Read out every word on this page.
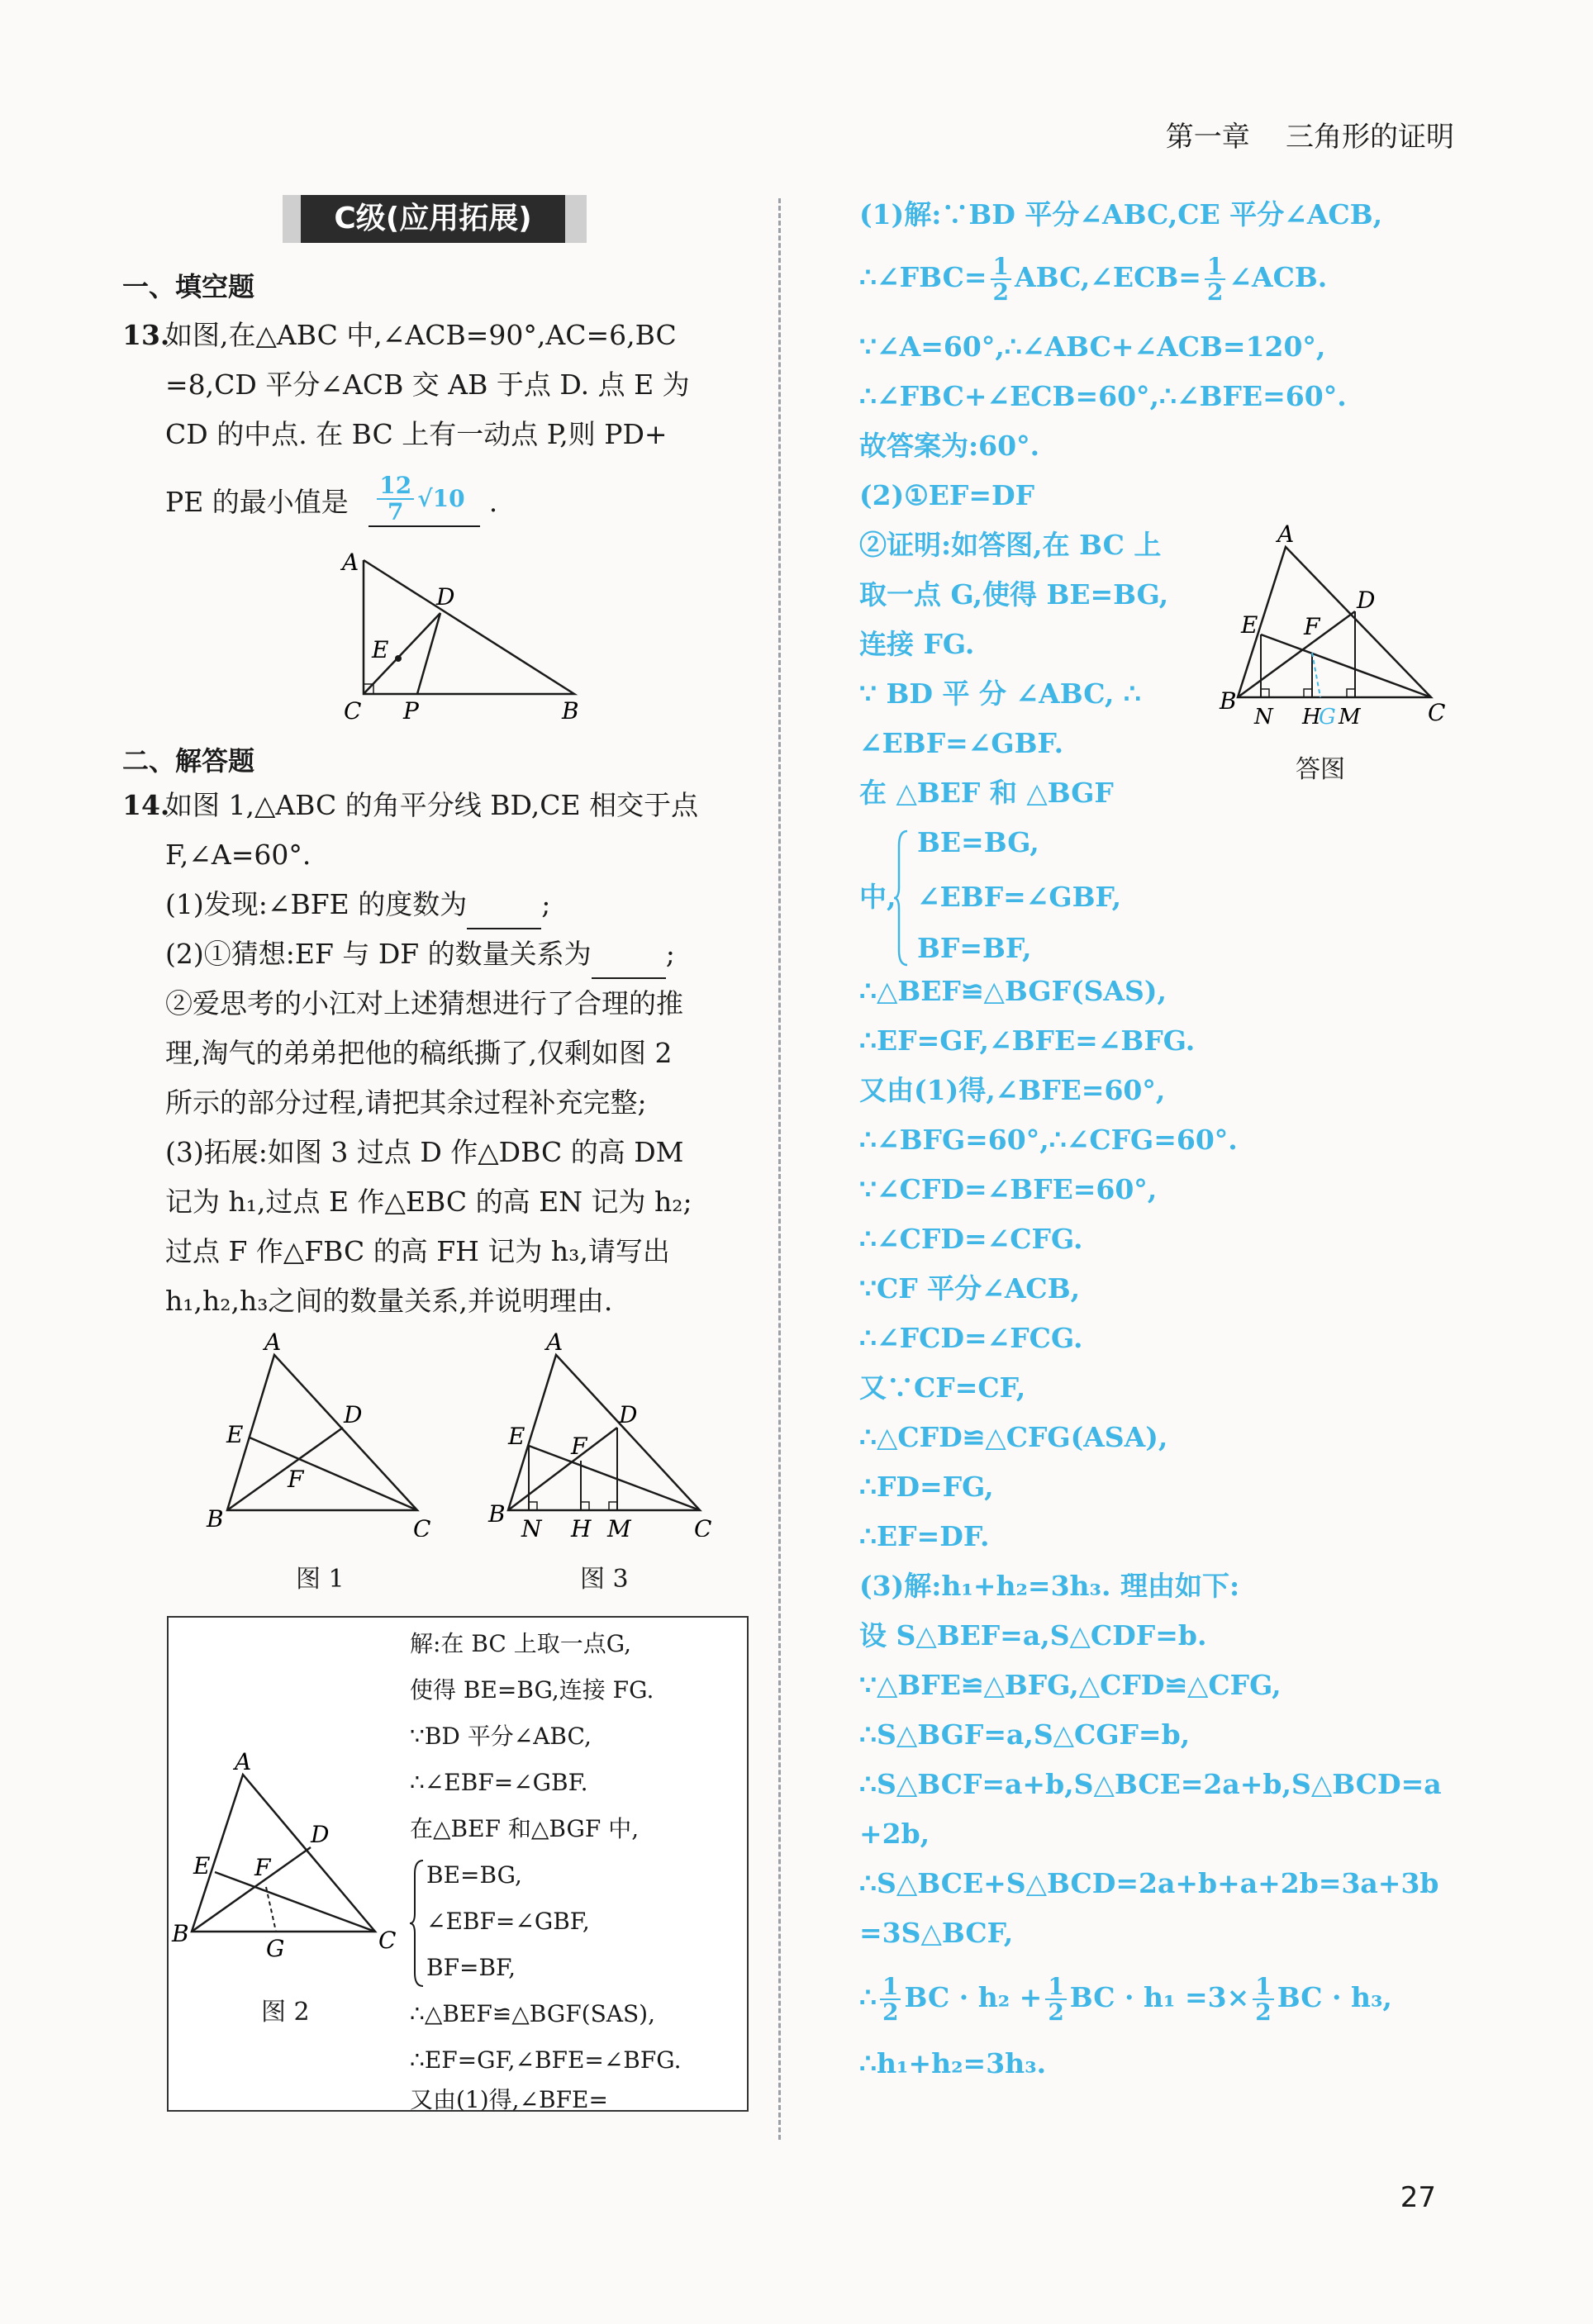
第一章 三角形的证明
C级(应用拓展)
一、填空题
13.
如图,在△ABC 中,∠ACB=90°,AC=6,BC
=8,CD 平分∠ACB 交 AB 于点 D. 点 E 为
CD 的中点. 在 BC 上有一动点 P,则 PD+
PE 的最小值是 $\frac{12}{7} √10$ .
A
D
E
C P	B
二、解答题
14.
如图 1,△ABC 的角平分线 BD,CE 相交于点
F,∠A=60°.
(1)发现:∠BFE 的度数为	;
(2)①猜想:EF 与 DF 的数量关系为	;
②爱思考的小江对上述猜想进行了合理的推
理,淘气的弟弟把他的稿纸撕了,仅剩如图 2
所示的部分过程,请把其余过程补充完整;
(3)拓展:如图 3 过点 D 作△DBC 的高 DM
记为 h₁,过点 E 作△EBC 的高 EN 记为 h₂;
过点 F 作△FBC 的高 FH 记为 h₃,请写出
h₁,h₂,h₃之间的数量关系,并说明理由.
A
B	C
D
E
F
图 1
A
B
C
D
E F
N H M
图 3
A
B	C
D
E F
G
图 2
解:在 BC 上取一点G,
使得 BE=BG,连接 FG.
∵BD 平分∠ABC,
∴∠EBF=∠GBF.
在△BEF 和△BGF 中,
BE=BG,
∠EBF=∠GBF,
BF=BF,
∴△BEF≌△BGF(SAS),
∴EF=GF,∠BFE=∠BFG.
又由(1)得,∠BFE=
(1)解:∵BD 平分∠ABC,CE 平分∠ACB,
∴∠FBC= $\frac{1}{2}$ ABC,∠ECB= $\frac{1}{2}$ ∠ACB.
∵∠A=60°,∴∠ABC+∠ACB=120°,
∴∠FBC+∠ECB=60°,∴∠BFE=60°.
故答案为:60°.
(2)①EF=DF
②证明:如答图,在 BC 上
取一点 G,使得 BE=BG,
连接 FG.
∵ BD 平 分 ∠ABC, ∴
∠EBF=∠GBF.
在 △BEF 和 △BGF
BE=BG,
中, ∠EBF=∠GBF,
BF=BF,
∴△BEF≌△BGF(SAS),
∴EF=GF,∠BFE=∠BFG.
又由(1)得,∠BFE=60°,
∴∠BFG=60°,∴∠CFG=60°.
∵∠CFD=∠BFE=60°,
∴∠CFD=∠CFG.
∵CF 平分∠ACB,
∴∠FCD=∠FCG.
又∵CF=CF,
∴△CFD≌△CFG(ASA),
∴FD=FG,
∴EF=DF.
(3)解:h₁+h₂=3h₃. 理由如下:
设 S△BEF=a,S△CDF=b.
∵△BFE≌△BFG,△CFD≌△CFG,
∴S△BGF=a,S△CGF=b,
∴S△BCF=a+b,S△BCE=2a+b,S△BCD=a
+2b,
∴S△BCE+S△BCD=2a+b+a+2b=3a+3b
=3S△BCF,
∴ $\frac{1}{2}$ BC · $h_2 + \frac{1}{2}$ BC · $h_1 =3\times \frac{1}{2}$ BC · h₃,
∴h₁+h₂=3h₃.
A
B	C
D
E F
N H
G M
答图
27
